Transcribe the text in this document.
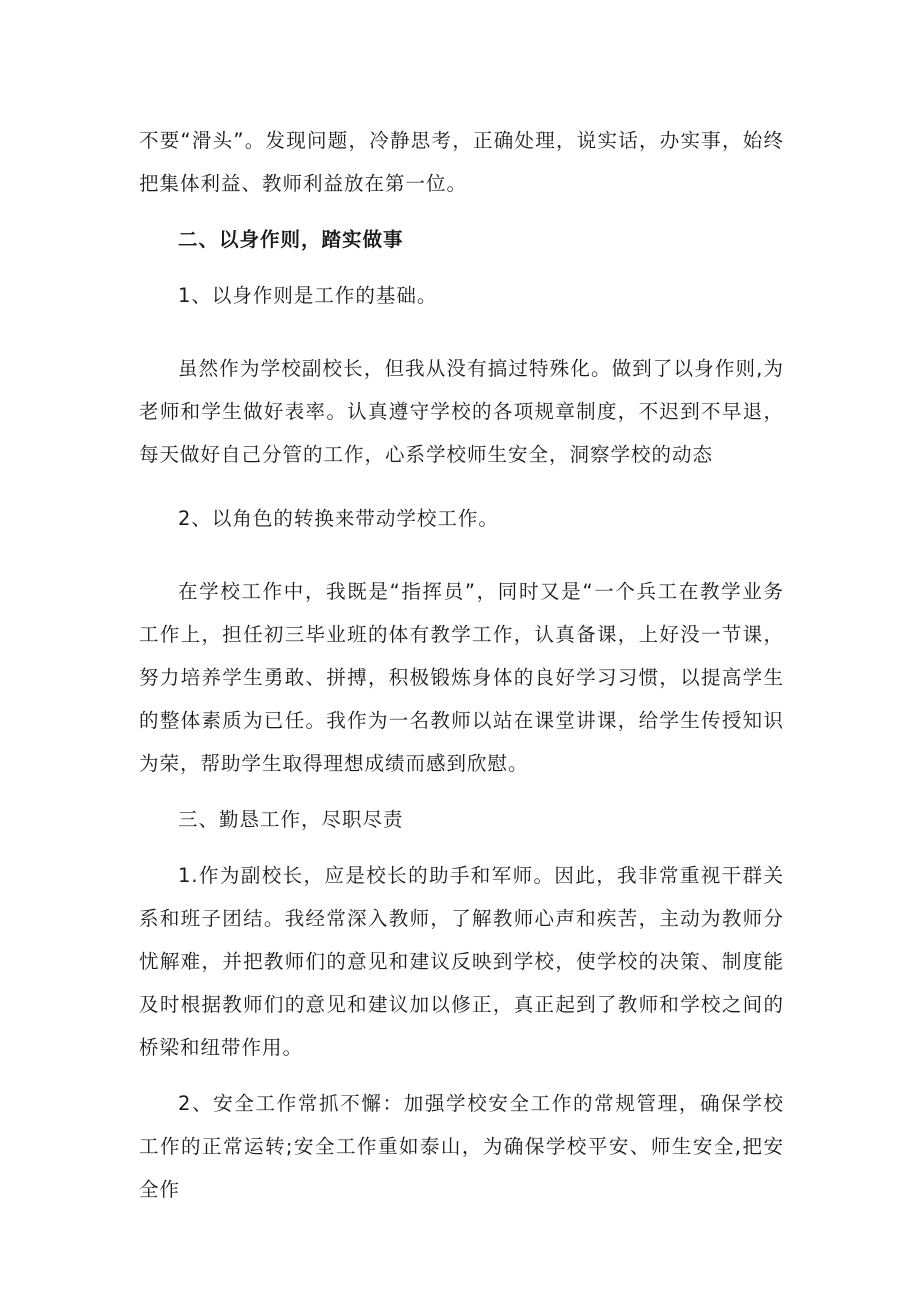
不要“滑头”。发现问题，冷静思考，正确处理，说实话，办实事，始终把集体利益、教师利益放在第一位。

二、以身作则，踏实做事

1、以身作则是工作的基础。

虽然作为学校副校长，但我从没有搞过特殊化。做到了以身作则,为老师和学生做好表率。认真遵守学校的各项规章制度，不迟到不早退，每天做好自己分管的工作，心系学校师生安全，洞察学校的动态

2、以角色的转换来带动学校工作。

在学校工作中，我既是“指挥员”，同时又是“一个兵工在教学业务工作上，担任初三毕业班的体有教学工作，认真备课，上好没一节课，努力培养学生勇敢、拼搏，积极锻炼身体的良好学习习惯，以提高学生的整体素质为已任。我作为一名教师以站在课堂讲课，给学生传授知识为荣，帮助学生取得理想成绩而感到欣慰。

三、勤恳工作，尽职尽责

1.作为副校长，应是校长的助手和军师。因此，我非常重视干群关系和班子团结。我经常深入教师，了解教师心声和疾苦，主动为教师分忧解难，并把教师们的意见和建议反映到学校，使学校的决策、制度能及时根据教师们的意见和建议加以修正，真正起到了教师和学校之间的桥梁和纽带作用。

2、安全工作常抓不懈：加强学校安全工作的常规管理，确保学校工作的正常运转;安全工作重如泰山，为确保学校平安、师生安全,把安全作
